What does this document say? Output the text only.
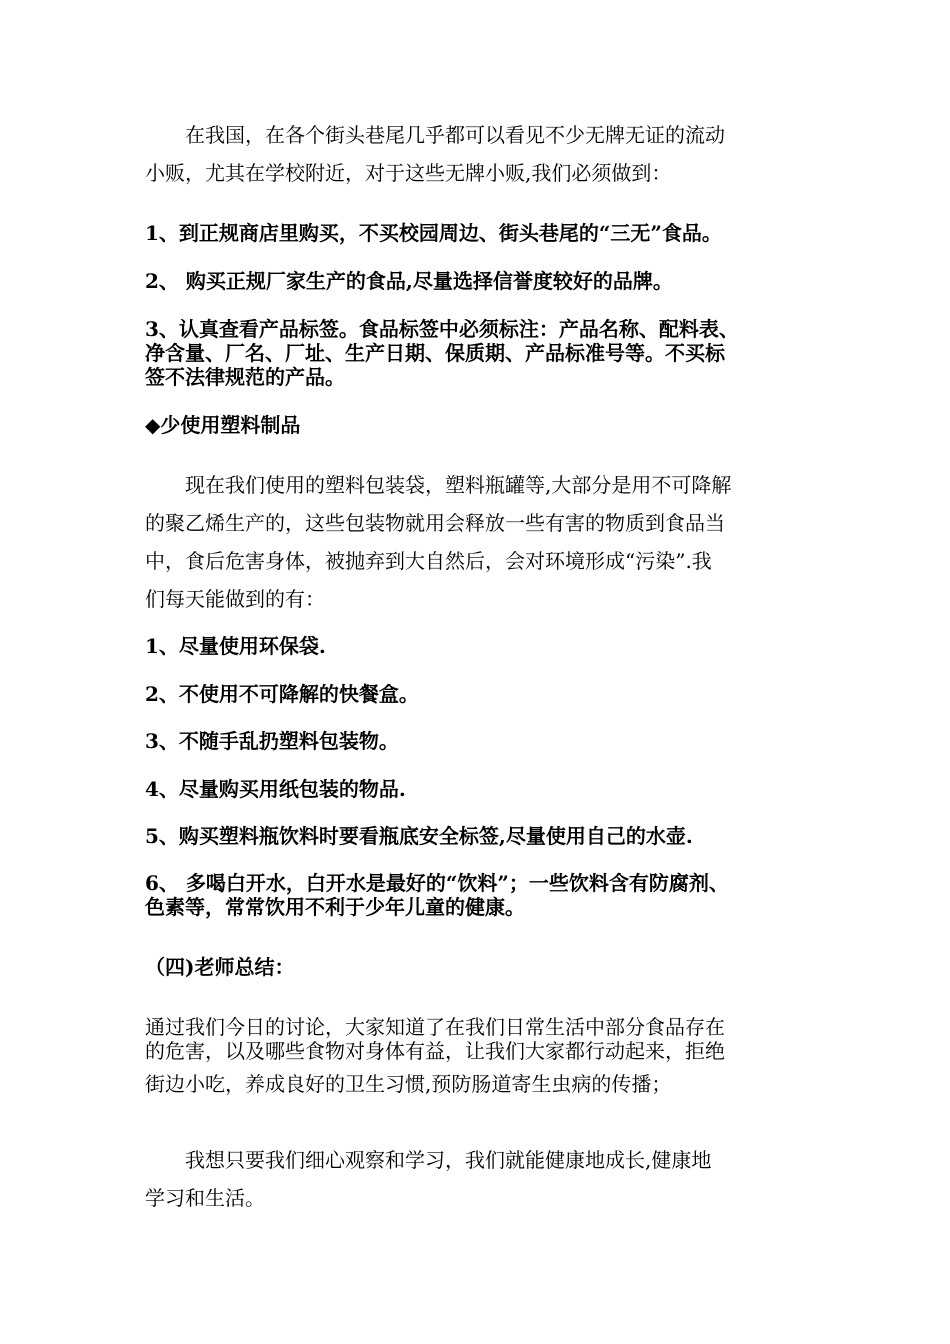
　　在我国，在各个街头巷尾几乎都可以看见不少无牌无证的流动
小贩，尤其在学校附近，对于这些无牌小贩,我们必须做到：
1、到正规商店里购买，不买校园周边、街头巷尾的“三无”食品。
2、 购买正规厂家生产的食品,尽量选择信誉度较好的品牌。
3、认真查看产品标签。食品标签中必须标注：产品名称、配料表、
净含量、厂名、厂址、生产日期、保质期、产品标准号等。不买标
签不法律规范的产品。
◆少使用塑料制品
　　现在我们使用的塑料包装袋，塑料瓶罐等,大部分是用不可降解
的聚乙烯生产的，这些包装物就用会释放一些有害的物质到食品当
中，食后危害身体，被抛弃到大自然后，会对环境形成“污染”.我
们每天能做到的有：
1、尽量使用环保袋.
2、不使用不可降解的快餐盒。
3、不随手乱扔塑料包装物。
4、尽量购买用纸包装的物品.
5、购买塑料瓶饮料时要看瓶底安全标签,尽量使用自己的水壶.
6、 多喝白开水，白开水是最好的“饮料”；一些饮料含有防腐剂、
色素等，常常饮用不利于少年儿童的健康。
（四)老师总结：
通过我们今日的讨论，大家知道了在我们日常生活中部分食品存在
的危害，以及哪些食物对身体有益，让我们大家都行动起来，拒绝
街边小吃，养成良好的卫生习惯,预防肠道寄生虫病的传播；
　　我想只要我们细心观察和学习，我们就能健康地成长,健康地
学习和生活。
